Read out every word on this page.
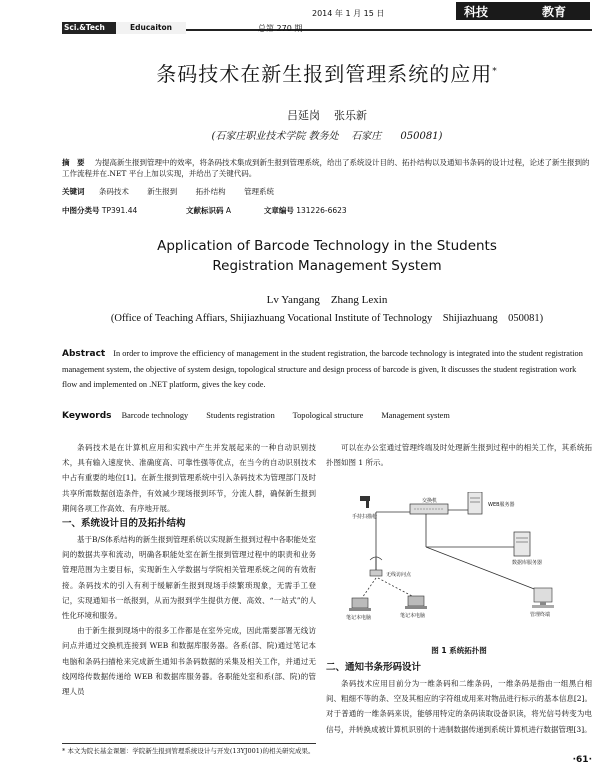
2014 年 1 月 15 日	科技	教育
Sci.&Tech	Educaiton	总第 270 期
条码技术在新生报到管理系统的应用*
吕延岗    张乐新
(石家庄职业技术学院 教务处    石家庄      050081)
摘　要 为提高新生报到管理中的效率，将条码技术集成到新生报到管理系统，给出了系统设计目的、拓扑结构以及通知书条码的设计过程，论述了新生报到的工作流程并在.NET 平台上加以实现，并给出了关键代码。
关键词 条码技术 新生报到 拓扑结构 管理系统
中图分类号 TP391.44	文献标识码 A	文章编号 131226-6623
Application of Barcode Technology in the Students
Registration Management System
Lv Yangang    Zhang Lexin
(Office of Teaching Affiars, Shijiazhuang Vocational Institute of Technology    Shijiazhuang    050081)
Abstract In order to improve the efficiency of management in the student registration, the barcode technology is integrated into the student registration management system, the objective of system design, topological structure and design process of barcode is given, It discusses the student registration work flow and implemented on .NET platform, gives the key code.
Keywords Barcode technology Students registration Topological structure Management system

条码技术是在计算机应用和实践中产生并发展起来的一种自动识别技术，具有输入速度快、准确度高、可靠性强等优点，在当今的自动识别技术中占有重要的地位[1]。在新生报到管理系统中引入条码技术为管理部门及时共享所需数据创造条件，有效减少现场报到环节，分流人群，确保新生报到期间各项工作高效、有序地开展。

一、系统设计目的及拓扑结构

基于B/S体系结构的新生报到管理系统以实现新生报到过程中各职能处室间的数据共享和流动，明确各职能处室在新生报到管理过程中的职责和业务管理范围为主要目标，实现新生入学数据与学院相关管理系统之间的有效衔接。条码技术的引入有利于缓解新生报到现场手续繁琐现象，无需手工登记，实现通知书一纸报到，从而为报到学生提供方便、高效、“一站式”的人性化环境和服务。

由于新生报到现场中的很多工作都是在室外完成，因此需要部署无线访问点并通过交换机连接到 WEB 和数据库服务器。各系(部、院)通过笔记本电脑和条码扫描枪来完成新生通知书条码数据的采集及相关工作，并通过无线网络传数据传递给 WEB 和数据库服务器。各职能处室和系(部、院)的管理人员

可以在办公室通过管理终端及时处理新生报到过程中的相关工作，其系统拓扑图如图 1 所示。

手持扫描枪
交换机
WEB服务器
数据库服务器
无线访问点
笔记本电脑	笔记本电脑	管理终端
图 1 系统拓扑图
二、通知书条形码设计

条码技术应用目前分为一维条码和二维条码，一维条码是指由一组黑白相间、粗细不等的条、空及其相应的字符组成用来对物品进行标示的基本信息[2]。对于普通的一维条码来说，能够用特定的条码读取设备识读，将光信号转变为电信号，并转换成被计算机识别的十进制数据传递到系统计算机进行数据管理[3]。

* 本文为院长基金课题：学院新生报到管理系统设计与开发(13YJ001)的相关研究成果。
·61·
